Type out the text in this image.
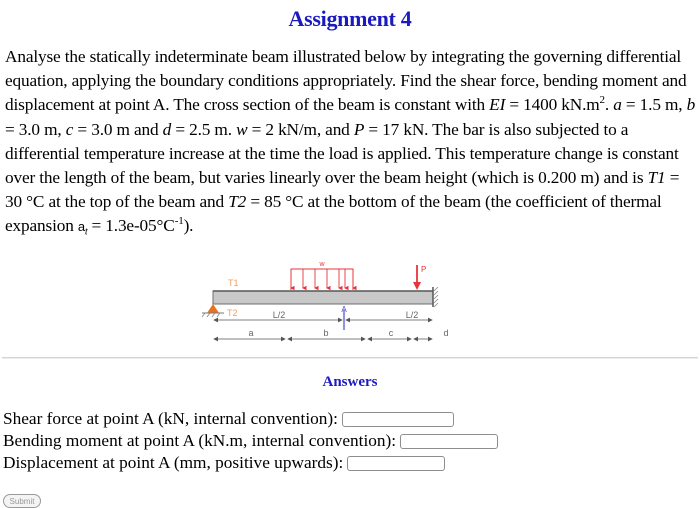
Assignment 4
Analyse the statically indeterminate beam illustrated below by integrating the governing differential equation, applying the boundary conditions appropriately. Find the shear force, bending moment and displacement at point A. The cross section of the beam is constant with EI = 1400 $kN.m^2$. a = 1.5 m, b = 3.0 m, c = 3.0 m and d = 2.5 m. w = 2 kN/m, and P = 17 kN. The bar is also subjected to a differential temperature increase at the time the load is applied. This temperature change is constant over the length of the beam, but varies linearly over the beam height (which is 0.200 m) and is T1 = 30 °C at the top of the beam and T2 = 85 °C at the bottom of the beam (the coefficient of thermal expansion $a_t = 1.3e-05^\circ C^{-1}$).
T1
T2
w
P
A
L/2	L/2
a	b	c	d
Answers
Shear force at point A (kN, internal convention):
Bending moment at point A (kN.m, internal convention):
Displacement at point A (mm, positive upwards):
Submit
